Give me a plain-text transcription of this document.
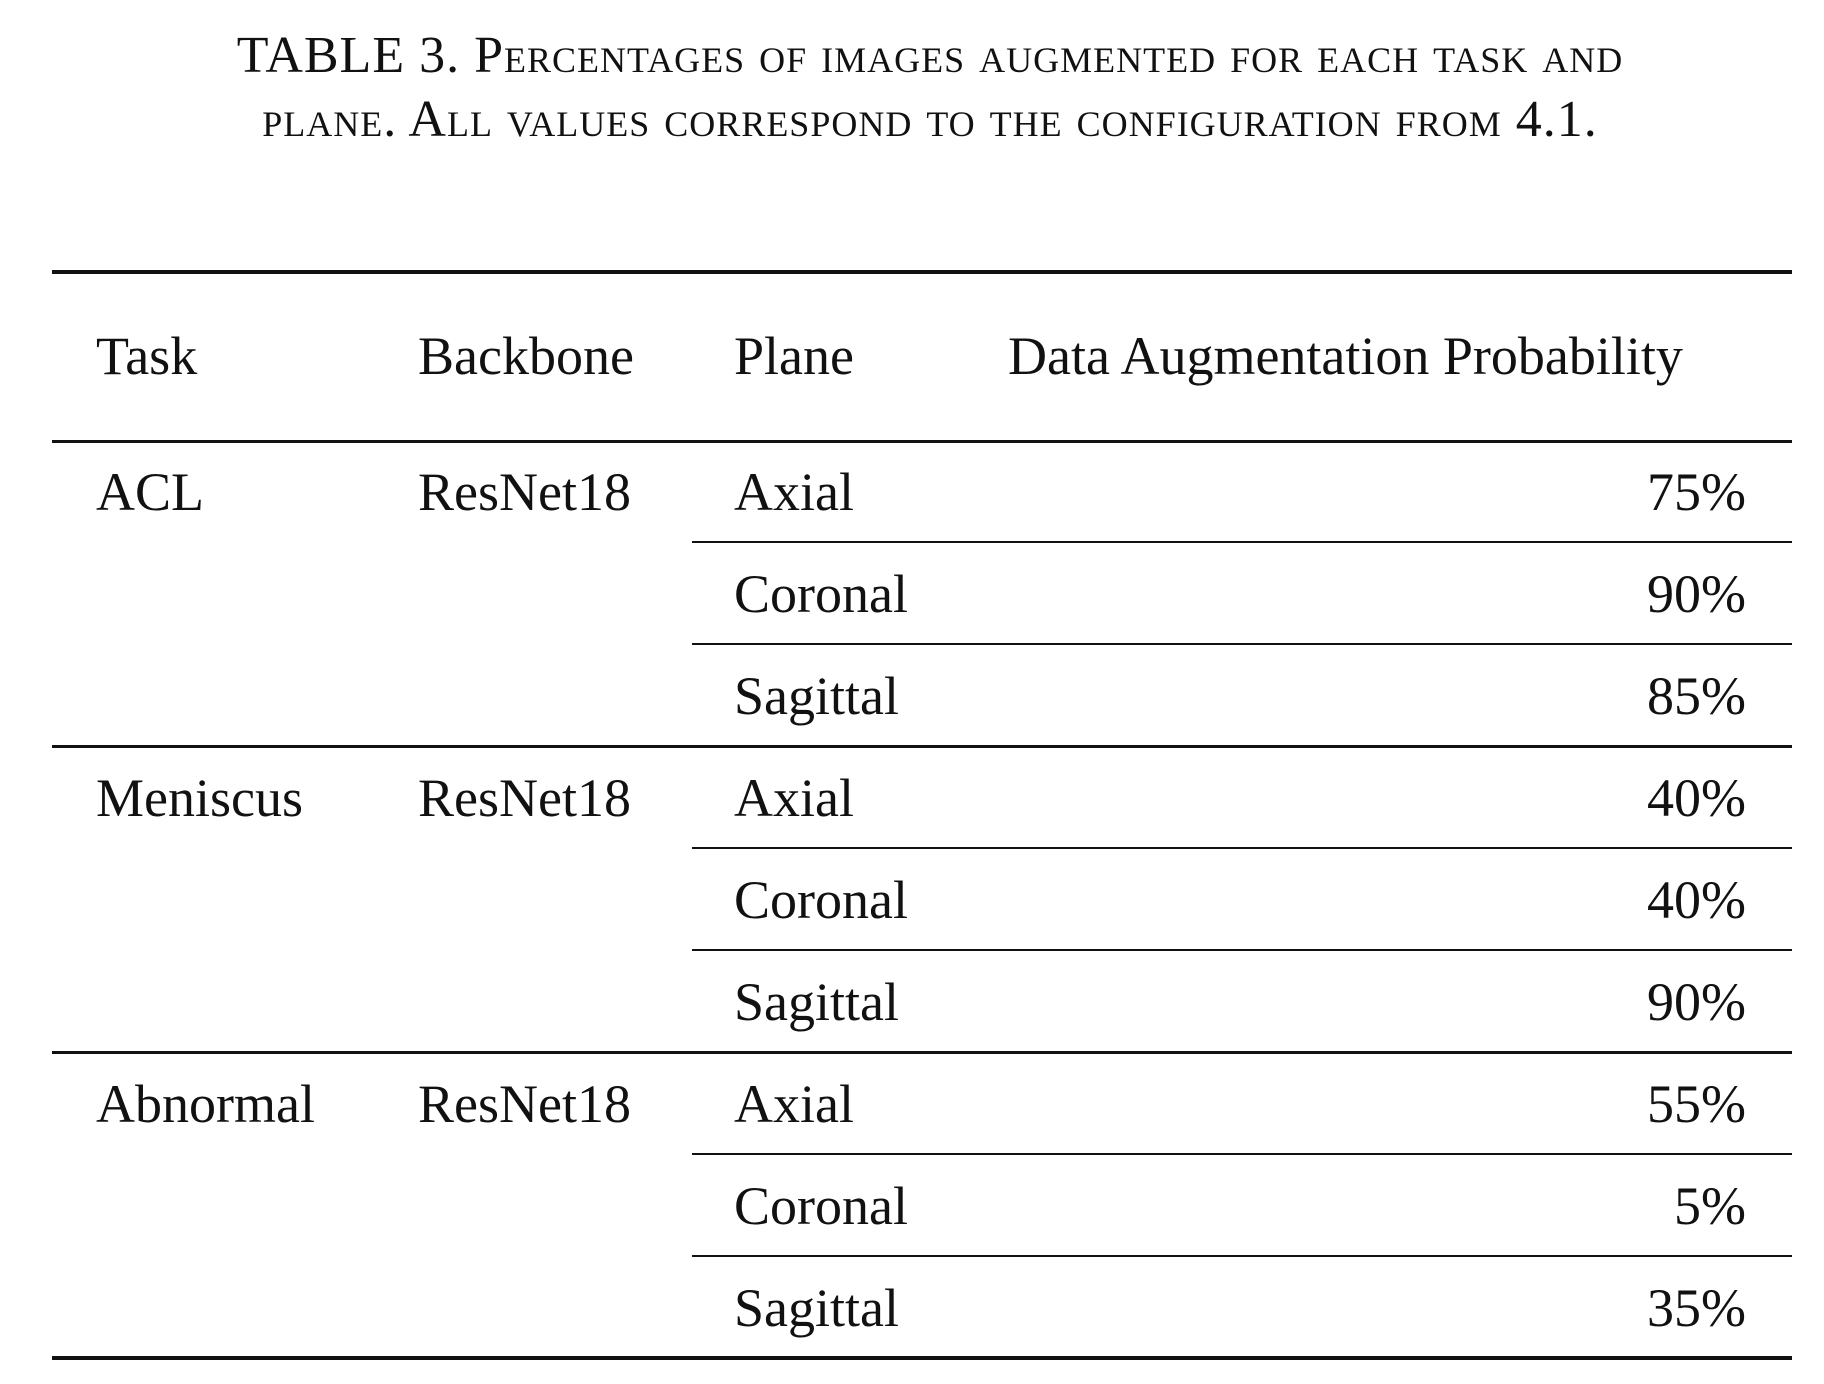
TABLE 3. Percentages of images augmented for each task and
plane. All values correspond to the configuration from 4.1.
Task	Backbone Plane	Data Augmentation Probability
ACL	ResNet18 Axial	75%
Coronal	90%
Sagittal	85%
Meniscus ResNet18 Axial	40%
Coronal	40%
Sagittal	90%
Abnormal ResNet18 Axial	55%
Coronal	5%
Sagittal	35%
